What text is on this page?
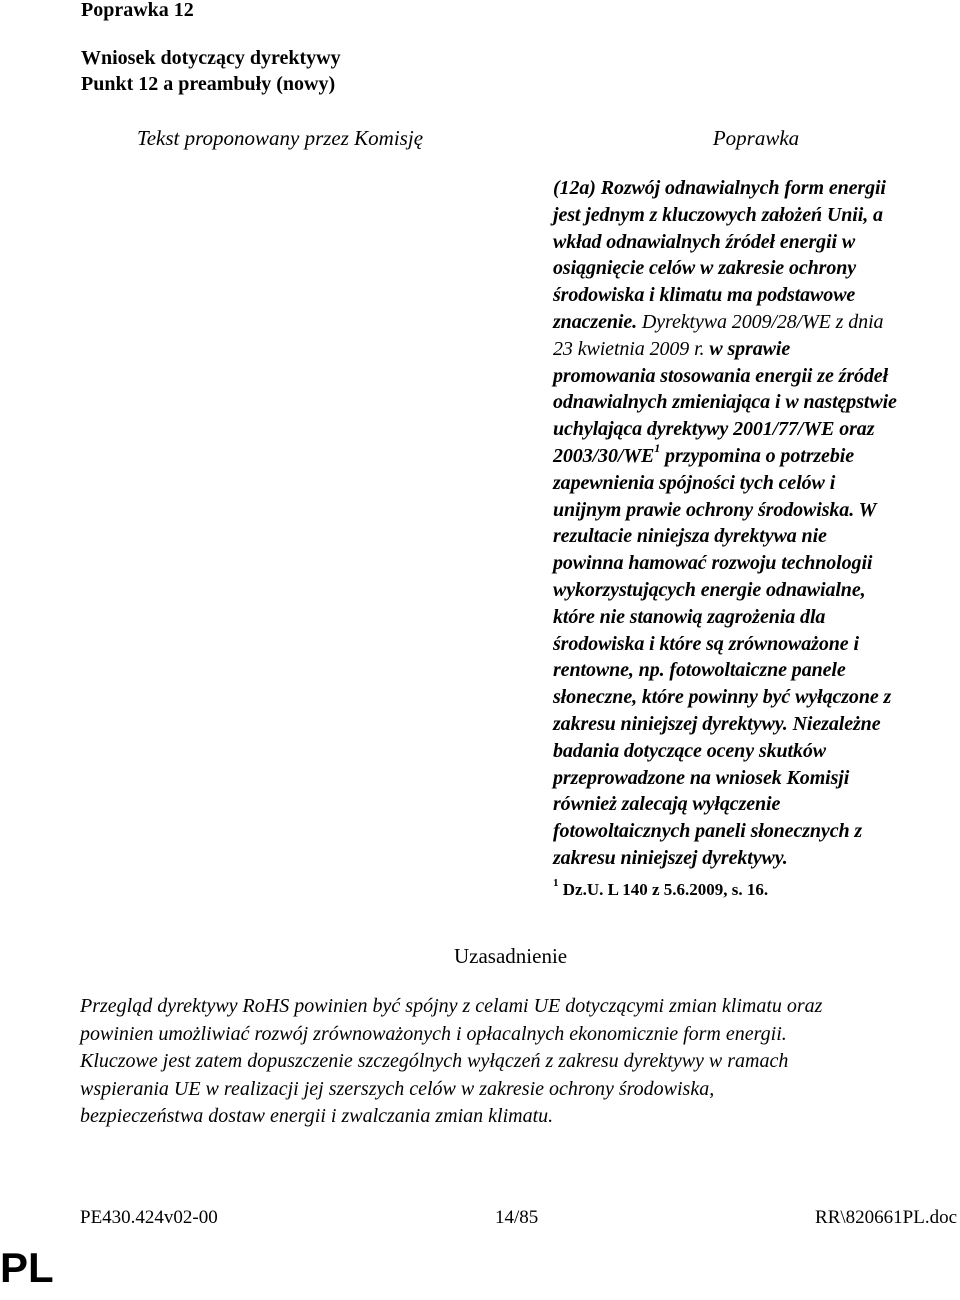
Poprawka 12
Wniosek dotyczący dyrektywy
Punkt 12 a preambuły (nowy)
Tekst proponowany przez Komisję	Poprawka
(12a) Rozwój odnawialnych form energii
jest jednym z kluczowych założeń Unii, a
wkład odnawialnych źródeł energii w
osiągnięcie celów w zakresie ochrony
środowiska i klimatu ma podstawowe
znaczenie. Dyrektywa 2009/28/WE z dnia
23 kwietnia 2009 r. w sprawie
promowania stosowania energii ze źródeł
odnawialnych zmieniająca i w następstwie
uchylająca dyrektywy 2001/77/WE oraz
$2003/30/WE^1$ przypomina o potrzebie
zapewnienia spójności tych celów i
unijnym prawie ochrony środowiska. W
rezultacie niniejsza dyrektywa nie
powinna hamować rozwoju technologii
wykorzystujących energie odnawialne,
które nie stanowią zagrożenia dla
środowiska i które są zrównoważone i
rentowne, np. fotowoltaiczne panele
słoneczne, które powinny być wyłączone z
zakresu niniejszej dyrektywy. Niezależne
badania dotyczące oceny skutków
przeprowadzone na wniosek Komisji
również zalecają wyłączenie
fotowoltaicznych paneli słonecznych z
zakresu niniejszej dyrektywy.
$^1$ Dz.U. L 140 z 5.6.2009, s. 16.
Uzasadnienie
Przegląd dyrektywy RoHS powinien być spójny z celami UE dotyczącymi zmian klimatu oraz
powinien umożliwiać rozwój zrównoważonych i opłacalnych ekonomicznie form energii.
Kluczowe jest zatem dopuszczenie szczególnych wyłączeń z zakresu dyrektywy w ramach
wspierania UE w realizacji jej szerszych celów w zakresie ochrony środowiska,
bezpieczeństwa dostaw energii i zwalczania zmian klimatu.
PE430.424v02-00	14/85	RR\820661PL.doc
PL
